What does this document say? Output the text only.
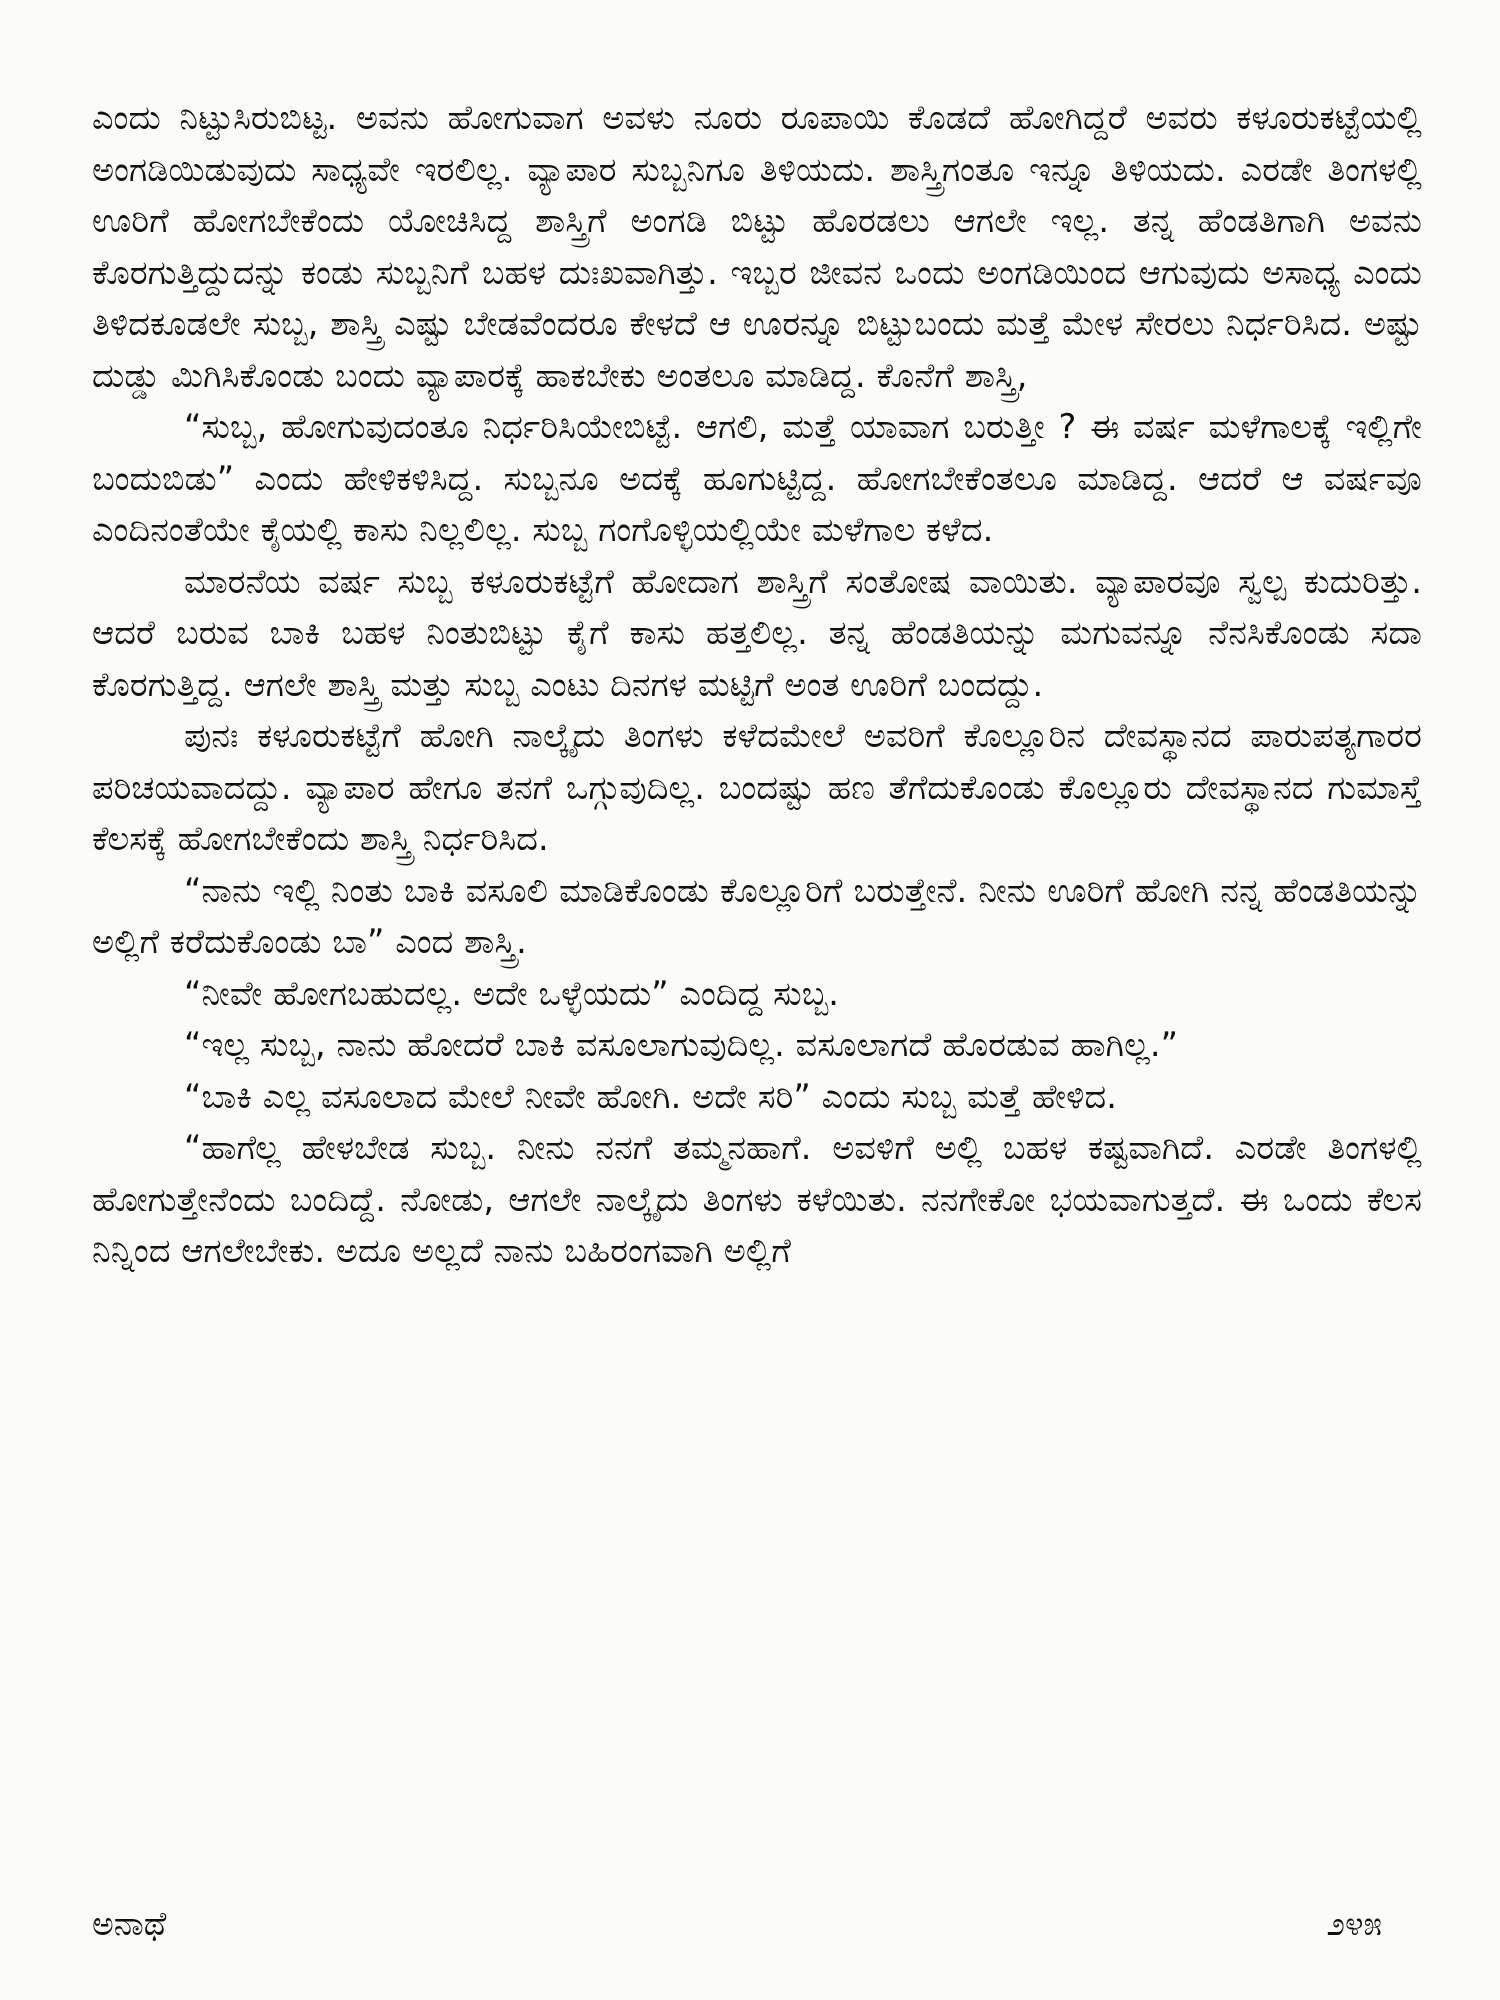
ಎಂದು ನಿಟ್ಟುಸಿರುಬಿಟ್ಟ. ಅವನು ಹೋಗುವಾಗ ಅವಳು ನೂರು ರೂಪಾಯಿ ಕೊಡದೆ ಹೋಗಿದ್ದರೆ ಅವರು ಕಳೂರುಕಟ್ಟೆಯಲ್ಲಿ ಅಂಗಡಿಯಿಡುವುದು ಸಾಧ್ಯವೇ ಇರಲಿಲ್ಲ. ವ್ಯಾಪಾರ ಸುಬ್ಬನಿಗೂ ತಿಳಿಯದು. ಶಾಸ್ತ್ರಿಗಂತೂ ಇನ್ನೂ ತಿಳಿಯದು. ಎರಡೇ ತಿಂಗಳಲ್ಲಿ ಊರಿಗೆ ಹೋಗಬೇಕೆಂದು ಯೋಚಿಸಿದ್ದ ಶಾಸ್ತ್ರಿಗೆ ಅಂಗಡಿ ಬಿಟ್ಟು ಹೊರಡಲು ಆಗಲೇ ಇಲ್ಲ. ತನ್ನ ಹೆಂಡತಿಗಾಗಿ ಅವನು ಕೊರಗುತ್ತಿದ್ದುದನ್ನು ಕಂಡು ಸುಬ್ಬನಿಗೆ ಬಹಳ ದುಃಖವಾಗಿತ್ತು. ಇಬ್ಬರ ಜೀವನ ಒಂದು ಅಂಗಡಿಯಿಂದ ಆಗುವುದು ಅಸಾಧ್ಯ ಎಂದು ತಿಳಿದಕೂಡಲೇ ಸುಬ್ಬ, ಶಾಸ್ತ್ರಿ ಎಷ್ಟು ಬೇಡವೆಂದರೂ ಕೇಳದೆ ಆ ಊರನ್ನೂ ಬಿಟ್ಟುಬಂದು ಮತ್ತೆ ಮೇಳ ಸೇರಲು ನಿರ್ಧರಿಸಿದ. ಅಷ್ಟು ದುಡ್ಡು ಮಿಗಿಸಿಕೊಂಡು ಬಂದು ವ್ಯಾಪಾರಕ್ಕೆ ಹಾಕಬೇಕು ಅಂತಲೂ ಮಾಡಿದ್ದ. ಕೊನೆಗೆ ಶಾಸ್ತ್ರಿ,

“ಸುಬ್ಬ, ಹೋಗುವುದಂತೂ ನಿರ್ಧರಿಸಿಯೇಬಿಟ್ಟೆ. ಆಗಲಿ, ಮತ್ತೆ ಯಾವಾಗ ಬರುತ್ತೀ ? ಈ ವರ್ಷ ಮಳೆಗಾಲಕ್ಕೆ ಇಲ್ಲಿಗೇ ಬಂದುಬಿಡು” ಎಂದು ಹೇಳಿಕಳಿಸಿದ್ದ. ಸುಬ್ಬನೂ ಅದಕ್ಕೆ ಹೂಗುಟ್ಟಿದ್ದ. ಹೋಗಬೇಕೆಂತಲೂ ಮಾಡಿದ್ದ. ಆದರೆ ಆ ವರ್ಷವೂ ಎಂದಿನಂತೆಯೇ ಕೈಯಲ್ಲಿ ಕಾಸು ನಿಲ್ಲಲಿಲ್ಲ. ಸುಬ್ಬ ಗಂಗೊಳ್ಳಿಯಲ್ಲಿಯೇ ಮಳೆಗಾಲ ಕಳೆದ.

ಮಾರನೆಯ ವರ್ಷ ಸುಬ್ಬ ಕಳೂರುಕಟ್ಟೆಗೆ ಹೋದಾಗ ಶಾಸ್ತ್ರಿಗೆ ಸಂತೋಷ ವಾಯಿತು. ವ್ಯಾಪಾರವೂ ಸ್ವಲ್ಪ ಕುದುರಿತ್ತು. ಆದರೆ ಬರುವ ಬಾಕಿ ಬಹಳ ನಿಂತುಬಿಟ್ಟು ಕೈಗೆ ಕಾಸು ಹತ್ತಲಿಲ್ಲ. ತನ್ನ ಹೆಂಡತಿಯನ್ನು ಮಗುವನ್ನೂ ನೆನಸಿಕೊಂಡು ಸದಾ ಕೊರಗುತ್ತಿದ್ದ. ಆಗಲೇ ಶಾಸ್ತ್ರಿ ಮತ್ತು ಸುಬ್ಬ ಎಂಟು ದಿನಗಳ ಮಟ್ಟಿಗೆ ಅಂತ ಊರಿಗೆ ಬಂದದ್ದು.

ಪುನಃ ಕಳೂರುಕಟ್ಟೆಗೆ ಹೋಗಿ ನಾಲ್ಕೈದು ತಿಂಗಳು ಕಳೆದಮೇಲೆ ಅವರಿಗೆ ಕೊಲ್ಲೂರಿನ ದೇವಸ್ಥಾನದ ಪಾರುಪತ್ಯಗಾರರ ಪರಿಚಯವಾದದ್ದು. ವ್ಯಾಪಾರ ಹೇಗೂ ತನಗೆ ಒಗ್ಗುವುದಿಲ್ಲ. ಬಂದಷ್ಟು ಹಣ ತೆಗೆದುಕೊಂಡು ಕೊಲ್ಲೂರು ದೇವಸ್ಥಾನದ ಗುಮಾಸ್ತೆ ಕೆಲಸಕ್ಕೆ ಹೋಗಬೇಕೆಂದು ಶಾಸ್ತ್ರಿ ನಿರ್ಧರಿಸಿದ.

“ನಾನು ಇಲ್ಲಿ ನಿಂತು ಬಾಕಿ ವಸೂಲಿ ಮಾಡಿಕೊಂಡು ಕೊಲ್ಲೂರಿಗೆ ಬರುತ್ತೇನೆ. ನೀನು ಊರಿಗೆ ಹೋಗಿ ನನ್ನ ಹೆಂಡತಿಯನ್ನು ಅಲ್ಲಿಗೆ ಕರೆದುಕೊಂಡು ಬಾ” ಎಂದ ಶಾಸ್ತ್ರಿ.

“ನೀವೇ ಹೋಗಬಹುದಲ್ಲ. ಅದೇ ಒಳ್ಳೆಯದು” ಎಂದಿದ್ದ ಸುಬ್ಬ.

“ಇಲ್ಲ ಸುಬ್ಬ, ನಾನು ಹೋದರೆ ಬಾಕಿ ವಸೂಲಾಗುವುದಿಲ್ಲ. ವಸೂಲಾಗದೆ ಹೊರಡುವ ಹಾಗಿಲ್ಲ.”

“ಬಾಕಿ ಎಲ್ಲ ವಸೂಲಾದ ಮೇಲೆ ನೀವೇ ಹೋಗಿ. ಅದೇ ಸರಿ” ಎಂದು ಸುಬ್ಬ ಮತ್ತೆ ಹೇಳಿದ.

“ಹಾಗೆಲ್ಲ ಹೇಳಬೇಡ ಸುಬ್ಬ. ನೀನು ನನಗೆ ತಮ್ಮನಹಾಗೆ. ಅವಳಿಗೆ ಅಲ್ಲಿ ಬಹಳ ಕಷ್ಟವಾಗಿದೆ. ಎರಡೇ ತಿಂಗಳಲ್ಲಿ ಹೋಗುತ್ತೇನೆಂದು ಬಂದಿದ್ದೆ. ನೋಡು, ಆಗಲೇ ನಾಲ್ಕೈದು ತಿಂಗಳು ಕಳೆಯಿತು. ನನಗೇಕೋ ಭಯವಾಗುತ್ತದೆ. ಈ ಒಂದು ಕೆಲಸ ನಿನ್ನಿಂದ ಆಗಲೇಬೇಕು. ಅದೂ ಅಲ್ಲದೆ ನಾನು ಬಹಿರಂಗವಾಗಿ ಅಲ್ಲಿಗೆ

ಅನಾಥೆ	೨೪೫
